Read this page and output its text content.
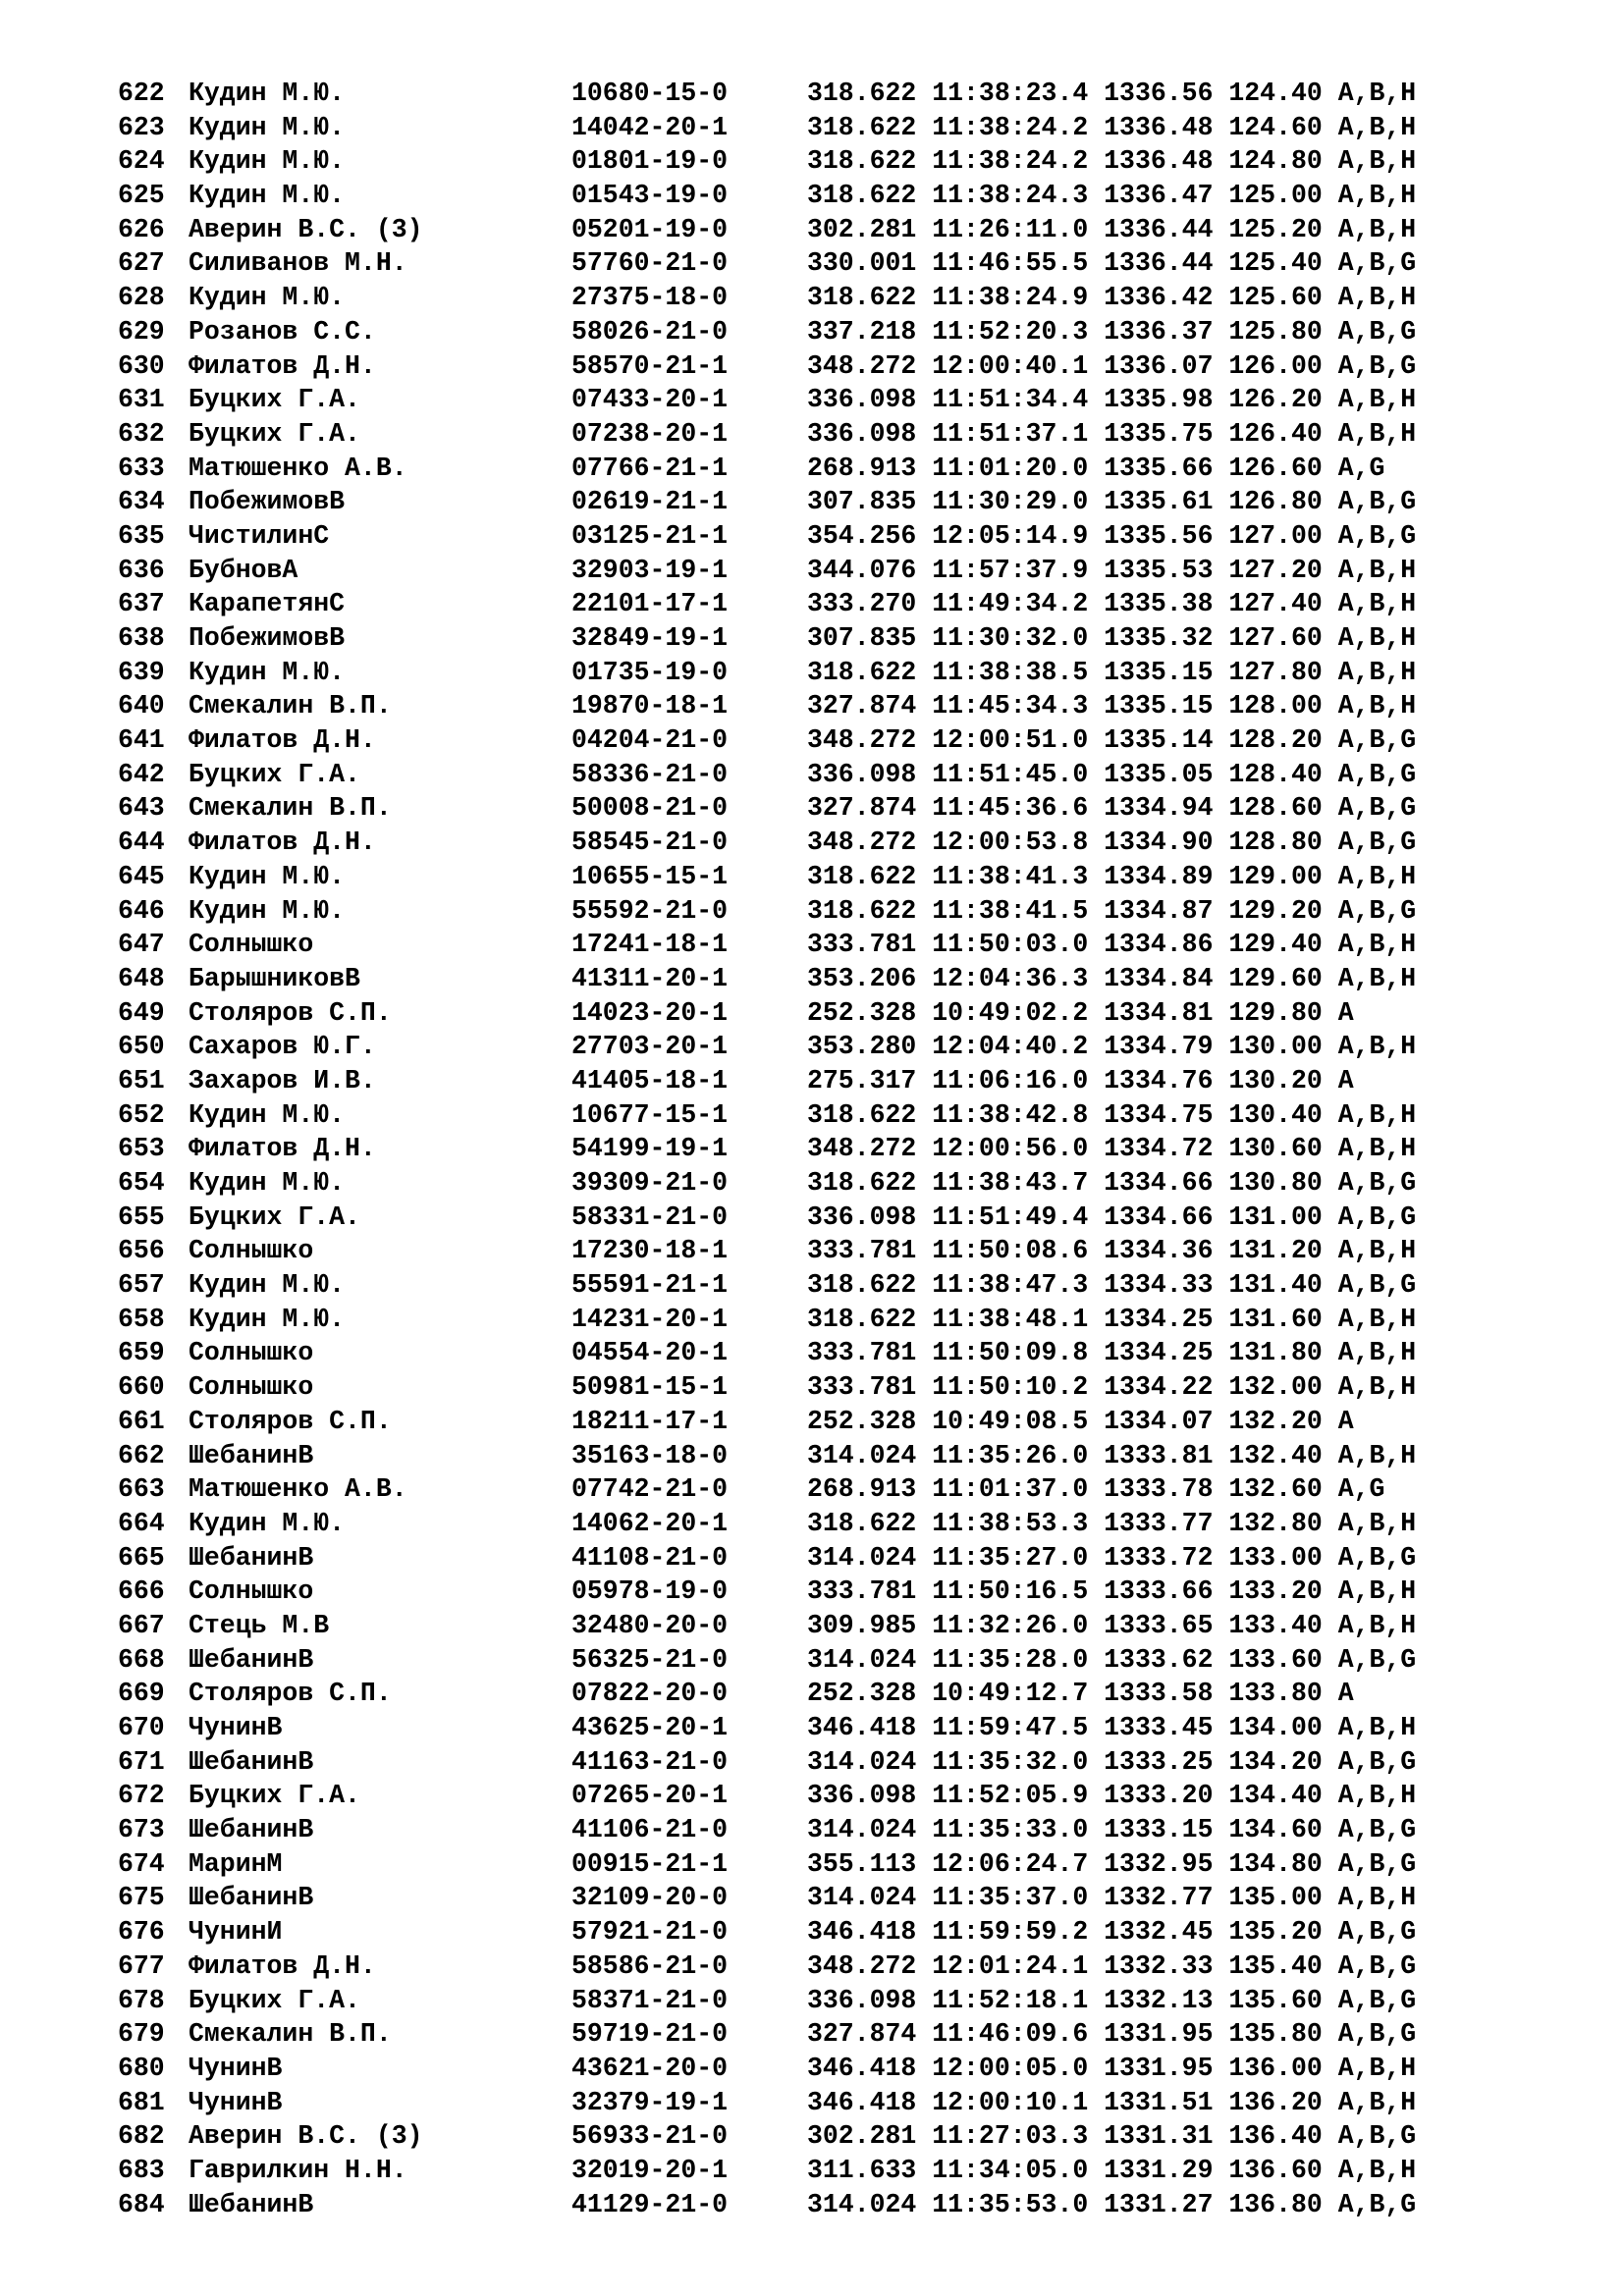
622 Кудин М.Ю.	10680-15-0	318.622 11:38:23.4 1336.56 124.40 A,B,H
623 Кудин М.Ю.	14042-20-1	318.622 11:38:24.2 1336.48 124.60 A,B,H
624 Кудин М.Ю.	01801-19-0	318.622 11:38:24.2 1336.48 124.80 A,B,H
625 Кудин М.Ю.	01543-19-0	318.622 11:38:24.3 1336.47 125.00 A,B,H
626 Аверин В.С. (3)	05201-19-0	302.281 11:26:11.0 1336.44 125.20 A,B,H
627 Силиванов М.Н.	57760-21-0	330.001 11:46:55.5 1336.44 125.40 A,B,G
628 Кудин М.Ю.	27375-18-0	318.622 11:38:24.9 1336.42 125.60 A,B,H
629 Розанов С.С.	58026-21-0	337.218 11:52:20.3 1336.37 125.80 A,B,G
630 Филатов Д.Н.	58570-21-1	348.272 12:00:40.1 1336.07 126.00 A,B,G
631 Буцких Г.А.	07433-20-1	336.098 11:51:34.4 1335.98 126.20 A,B,H
632 Буцких Г.А.	07238-20-1	336.098 11:51:37.1 1335.75 126.40 A,B,H
633 Матюшенко А.В.	07766-21-1	268.913 11:01:20.0 1335.66 126.60 A,G
634 ПобежимовВ	02619-21-1	307.835 11:30:29.0 1335.61 126.80 A,B,G
635 ЧистилинС	03125-21-1	354.256 12:05:14.9 1335.56 127.00 A,B,G
636 БубновА	32903-19-1	344.076 11:57:37.9 1335.53 127.20 A,B,H
637 КарапетянС	22101-17-1	333.270 11:49:34.2 1335.38 127.40 A,B,H
638 ПобежимовВ	32849-19-1	307.835 11:30:32.0 1335.32 127.60 A,B,H
639 Кудин М.Ю.	01735-19-0	318.622 11:38:38.5 1335.15 127.80 A,B,H
640 Смекалин В.П.	19870-18-1	327.874 11:45:34.3 1335.15 128.00 A,B,H
641 Филатов Д.Н.	04204-21-0	348.272 12:00:51.0 1335.14 128.20 A,B,G
642 Буцких Г.А.	58336-21-0	336.098 11:51:45.0 1335.05 128.40 A,B,G
643 Смекалин В.П.	50008-21-0	327.874 11:45:36.6 1334.94 128.60 A,B,G
644 Филатов Д.Н.	58545-21-0	348.272 12:00:53.8 1334.90 128.80 A,B,G
645 Кудин М.Ю.	10655-15-1	318.622 11:38:41.3 1334.89 129.00 A,B,H
646 Кудин М.Ю.	55592-21-0	318.622 11:38:41.5 1334.87 129.20 A,B,G
647 Солнышко	17241-18-1	333.781 11:50:03.0 1334.86 129.40 A,B,H
648 БарышниковВ	41311-20-1	353.206 12:04:36.3 1334.84 129.60 A,B,H
649 Столяров С.П.	14023-20-1	252.328 10:49:02.2 1334.81 129.80 A
650 Сахаров Ю.Г.	27703-20-1	353.280 12:04:40.2 1334.79 130.00 A,B,H
651 Захаров И.В.	41405-18-1	275.317 11:06:16.0 1334.76 130.20 A
652 Кудин М.Ю.	10677-15-1	318.622 11:38:42.8 1334.75 130.40 A,B,H
653 Филатов Д.Н.	54199-19-1	348.272 12:00:56.0 1334.72 130.60 A,B,H
654 Кудин М.Ю.	39309-21-0	318.622 11:38:43.7 1334.66 130.80 A,B,G
655 Буцких Г.А.	58331-21-0	336.098 11:51:49.4 1334.66 131.00 A,B,G
656 Солнышко	17230-18-1	333.781 11:50:08.6 1334.36 131.20 A,B,H
657 Кудин М.Ю.	55591-21-1	318.622 11:38:47.3 1334.33 131.40 A,B,G
658 Кудин М.Ю.	14231-20-1	318.622 11:38:48.1 1334.25 131.60 A,B,H
659 Солнышко	04554-20-1	333.781 11:50:09.8 1334.25 131.80 A,B,H
660 Солнышко	50981-15-1	333.781 11:50:10.2 1334.22 132.00 A,B,H
661 Столяров С.П.	18211-17-1	252.328 10:49:08.5 1334.07 132.20 A
662 ШебанинВ	35163-18-0	314.024 11:35:26.0 1333.81 132.40 A,B,H
663 Матюшенко А.В.	07742-21-0	268.913 11:01:37.0 1333.78 132.60 A,G
664 Кудин М.Ю.	14062-20-1	318.622 11:38:53.3 1333.77 132.80 A,B,H
665 ШебанинВ	41108-21-0	314.024 11:35:27.0 1333.72 133.00 A,B,G
666 Солнышко	05978-19-0	333.781 11:50:16.5 1333.66 133.20 A,B,H
667 Стець М.В	32480-20-0	309.985 11:32:26.0 1333.65 133.40 A,B,H
668 ШебанинВ	56325-21-0	314.024 11:35:28.0 1333.62 133.60 A,B,G
669 Столяров С.П.	07822-20-0	252.328 10:49:12.7 1333.58 133.80 A
670 ЧунинВ	43625-20-1	346.418 11:59:47.5 1333.45 134.00 A,B,H
671 ШебанинВ	41163-21-0	314.024 11:35:32.0 1333.25 134.20 A,B,G
672 Буцких Г.А.	07265-20-1	336.098 11:52:05.9 1333.20 134.40 A,B,H
673 ШебанинВ	41106-21-0	314.024 11:35:33.0 1333.15 134.60 A,B,G
674 МаринМ	00915-21-1	355.113 12:06:24.7 1332.95 134.80 A,B,G
675 ШебанинВ	32109-20-0	314.024 11:35:37.0 1332.77 135.00 A,B,H
676 ЧунинИ	57921-21-0	346.418 11:59:59.2 1332.45 135.20 A,B,G
677 Филатов Д.Н.	58586-21-0	348.272 12:01:24.1 1332.33 135.40 A,B,G
678 Буцких Г.А.	58371-21-0	336.098 11:52:18.1 1332.13 135.60 A,B,G
679 Смекалин В.П.	59719-21-0	327.874 11:46:09.6 1331.95 135.80 A,B,G
680 ЧунинВ	43621-20-0	346.418 12:00:05.0 1331.95 136.00 A,B,H
681 ЧунинВ	32379-19-1	346.418 12:00:10.1 1331.51 136.20 A,B,H
682 Аверин В.С. (3)	56933-21-0	302.281 11:27:03.3 1331.31 136.40 A,B,G
683 Гаврилкин Н.Н.	32019-20-1	311.633 11:34:05.0 1331.29 136.60 A,B,H
684 ШебанинВ	41129-21-0	314.024 11:35:53.0 1331.27 136.80 A,B,G
